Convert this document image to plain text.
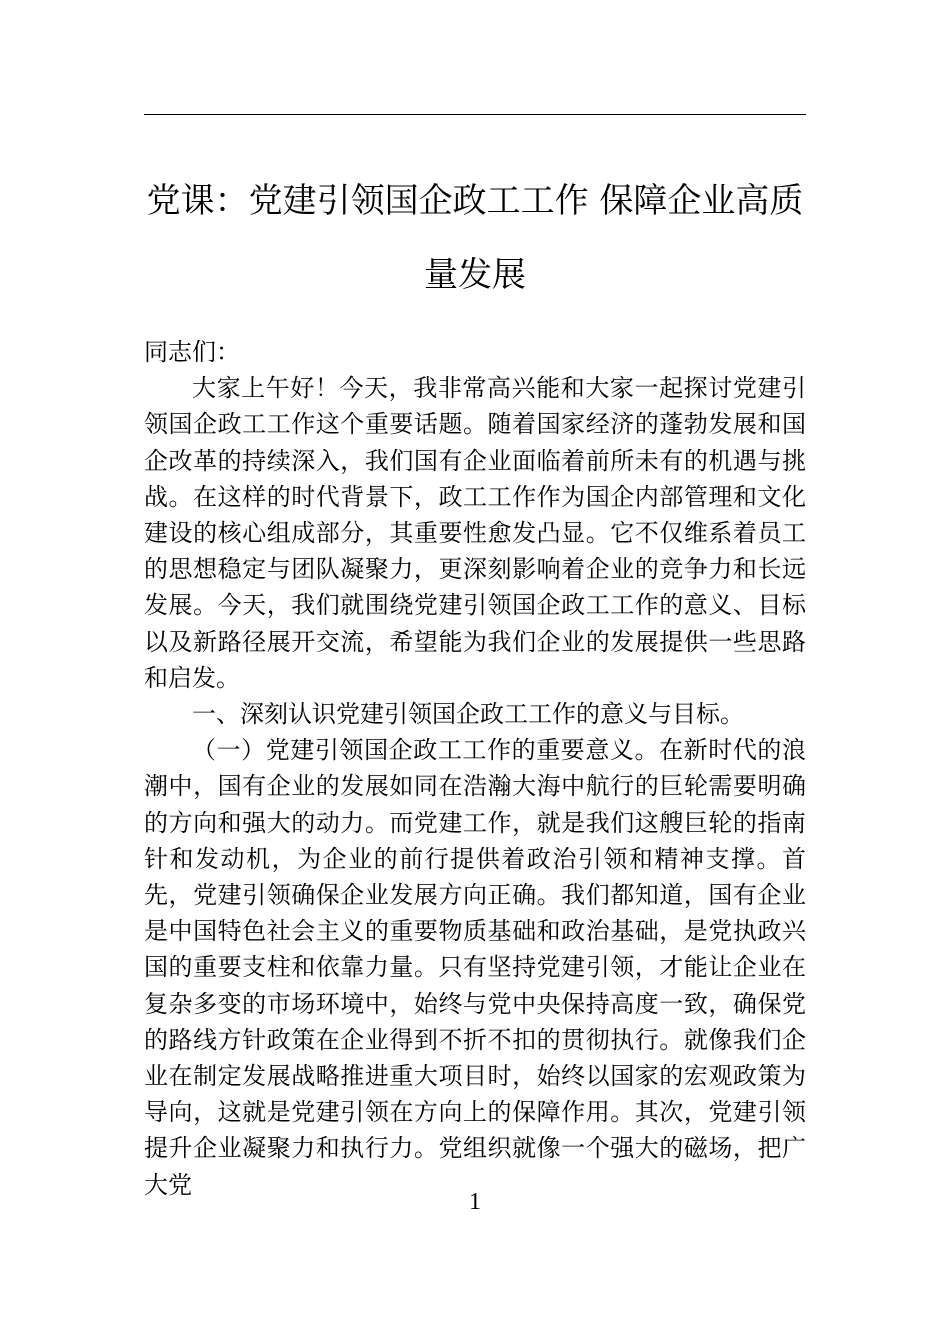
党课：党建引领国企政工工作 保障企业高质量发展

同志们：

大家上午好！今天，我非常高兴能和大家一起探讨党建引领国企政工工作这个重要话题。随着国家经济的蓬勃发展和国企改革的持续深入，我们国有企业面临着前所未有的机遇与挑战。在这样的时代背景下，政工工作作为国企内部管理和文化建设的核心组成部分，其重要性愈发凸显。它不仅维系着员工的思想稳定与团队凝聚力，更深刻影响着企业的竞争力和长远发展。今天，我们就围绕党建引领国企政工工作的意义、目标以及新路径展开交流，希望能为我们企业的发展提供一些思路和启发。

一、深刻认识党建引领国企政工工作的意义与目标。

（一）党建引领国企政工工作的重要意义。在新时代的浪潮中，国有企业的发展如同在浩瀚大海中航行的巨轮需要明确的方向和强大的动力。而党建工作，就是我们这艘巨轮的指南针和发动机，为企业的前行提供着政治引领和精神支撑。首先，党建引领确保企业发展方向正确。我们都知道，国有企业是中国特色社会主义的重要物质基础和政治基础，是党执政兴国的重要支柱和依靠力量。只有坚持党建引领，才能让企业在复杂多变的市场环境中，始终与党中央保持高度一致，确保党的路线方针政策在企业得到不折不扣的贯彻执行。就像我们企业在制定发展战略推进重大项目时，始终以国家的宏观政策为导向，这就是党建引领在方向上的保障作用。其次，党建引领提升企业凝聚力和执行力。党组织就像一个强大的磁场，把广大党

1
